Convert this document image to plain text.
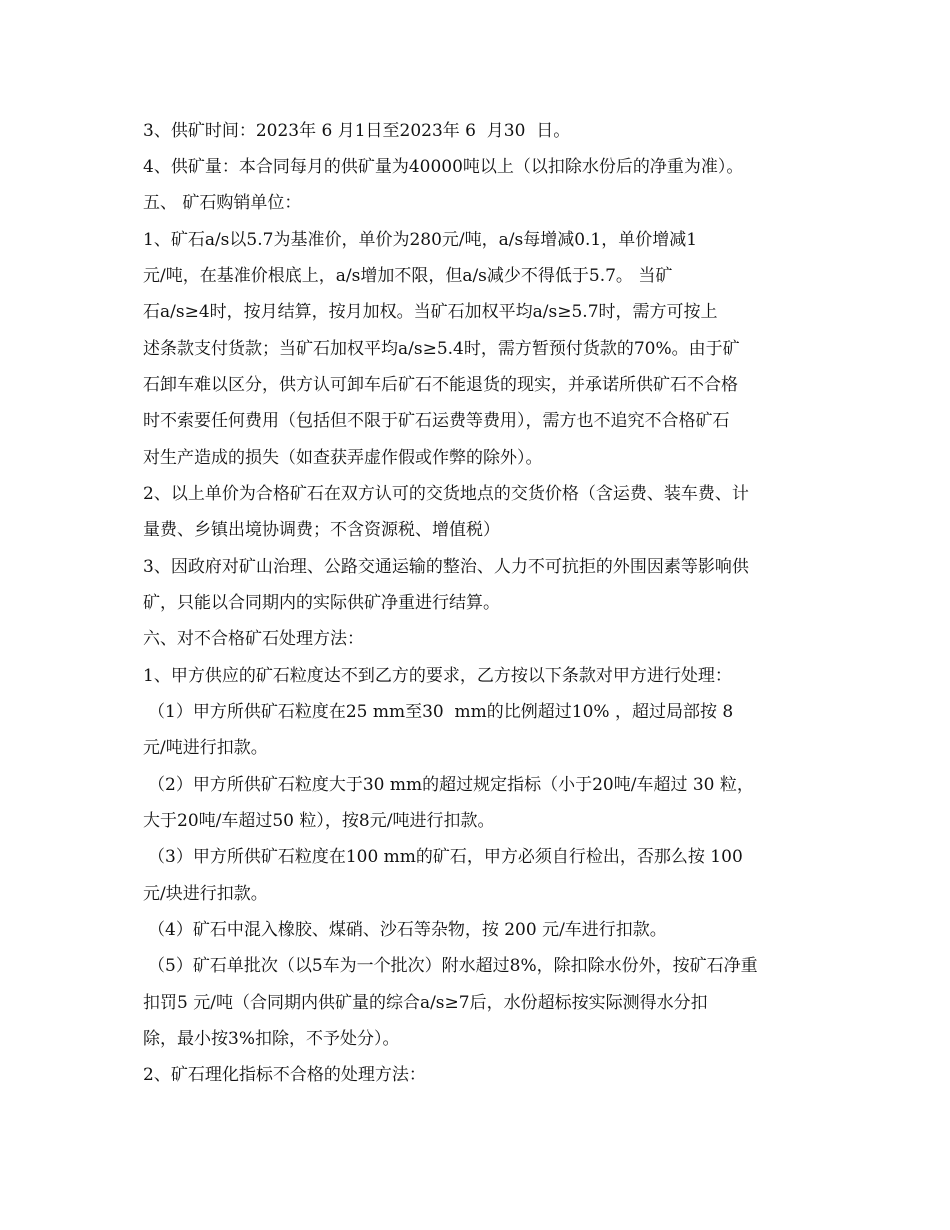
3、供矿时间：2023年 6 月1日至2023年 6  月30  日。
4、供矿量：本合同每月的供矿量为40000吨以上（以扣除水份后的净重为准）。
五、 矿石购销单位：
1、矿石a/s以5.7为基准价，单价为280元/吨，a/s每增减0.1，单价增减1
元/吨，在基准价根底上，a/s增加不限，但a/s减少不得低于5.7。 当矿
石a/s≥4时，按月结算，按月加权。当矿石加权平均a/s≥5.7时，需方可按上
述条款支付货款；当矿石加权平均a/s≥5.4时，需方暂预付货款的70%。由于矿
石卸车难以区分，供方认可卸车后矿石不能退货的现实，并承诺所供矿石不合格
时不索要任何费用（包括但不限于矿石运费等费用），需方也不追究不合格矿石
对生产造成的损失（如查获弄虚作假或作弊的除外）。
2、以上单价为合格矿石在双方认可的交货地点的交货价格（含运费、装车费、计
量费、乡镇出境协调费；不含资源税、增值税）
3、因政府对矿山治理、公路交通运输的整治、人力不可抗拒的外围因素等影响供
矿，只能以合同期内的实际供矿净重进行结算。
六、对不合格矿石处理方法：
1、甲方供应的矿石粒度达不到乙方的要求，乙方按以下条款对甲方进行处理：
（1）甲方所供矿石粒度在25 mm至30  mm的比例超过10% ，超过局部按 8
元/吨进行扣款。
（2）甲方所供矿石粒度大于30 mm的超过规定指标（小于20吨/车超过 30 粒，
大于20吨/车超过50 粒），按8元/吨进行扣款。
（3）甲方所供矿石粒度在100 mm的矿石，甲方必须自行检出，否那么按 100
元/块进行扣款。
（4）矿石中混入橡胶、煤硝、沙石等杂物，按 200 元/车进行扣款。
（5）矿石单批次（以5车为一个批次）附水超过8%，除扣除水份外，按矿石净重
扣罚5 元/吨（合同期内供矿量的综合a/s≥7后，水份超标按实际测得水分扣
除，最小按3%扣除，不予处分）。
2、矿石理化指标不合格的处理方法：
